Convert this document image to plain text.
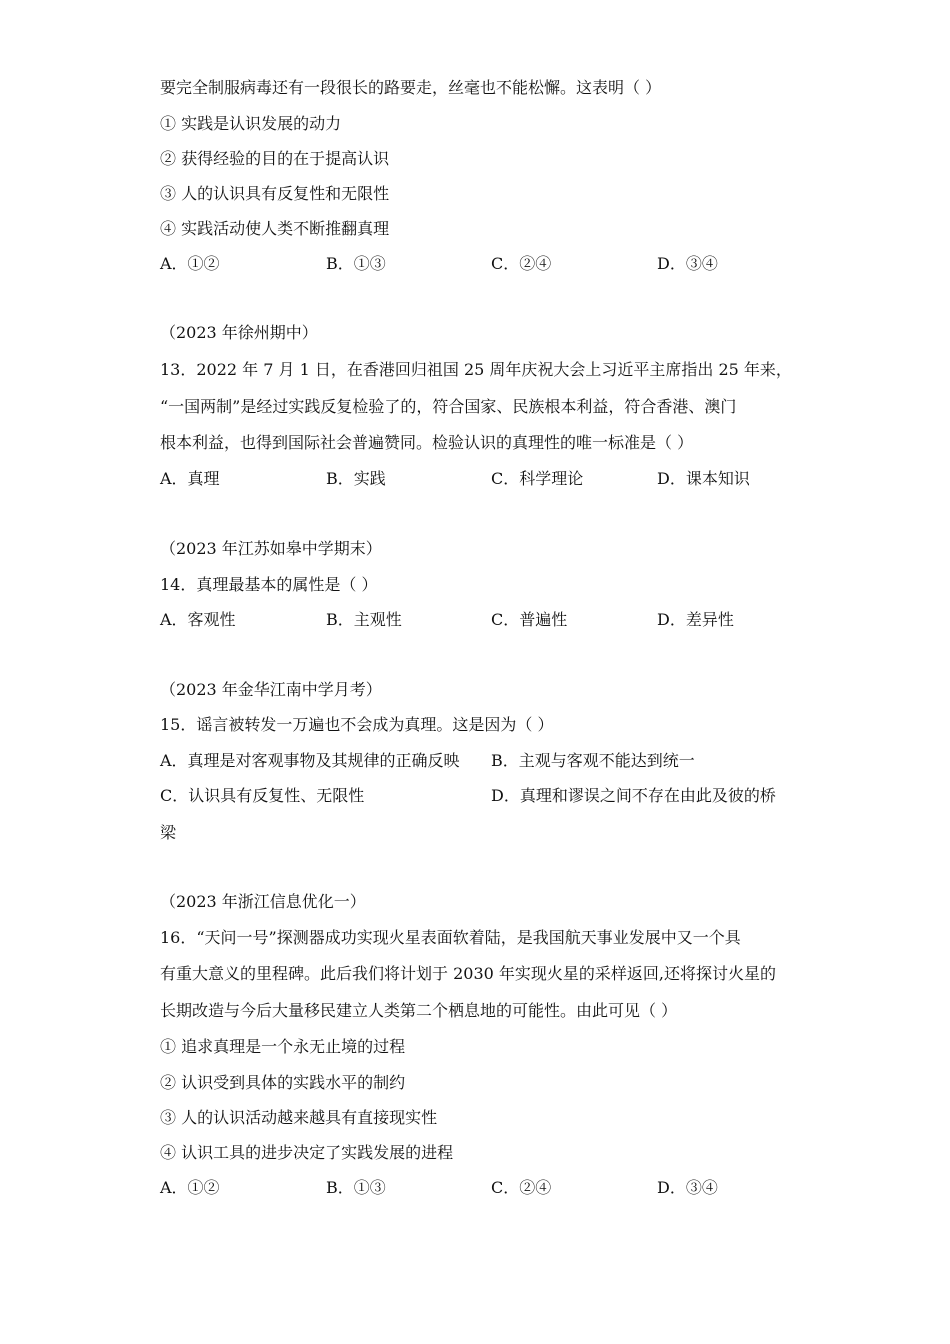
要完全制服病毒还有一段很长的路要走，丝毫也不能松懈。这表明（ ）
① 实践是认识发展的动力
② 获得经验的目的在于提高认识
③ 人的认识具有反复性和无限性
④ 实践活动使人类不断推翻真理
A．①②	B．①③	C．②④	D．③④
（2023 年徐州期中）
13．2022 年 7 月 1 日，在香港回归祖国 25 周年庆祝大会上习近平主席指出 25 年来，
“一国两制”是经过实践反复检验了的，符合国家、民族根本利益，符合香港、澳门
根本利益，也得到国际社会普遍赞同。检验认识的真理性的唯一标准是（ ）
A．真理	B．实践	C．科学理论	D．课本知识
（2023 年江苏如皋中学期末）
14．真理最基本的属性是（ ）
A．客观性	B．主观性	C．普遍性	D．差异性
（2023 年金华江南中学月考）
15．谣言被转发一万遍也不会成为真理。这是因为（ ）
A．真理是对客观事物及其规律的正确反映 B．主观与客观不能达到统一
C．认识具有反复性、无限性	D．真理和谬误之间不存在由此及彼的桥
梁
（2023 年浙江信息优化一）
16．“天问一号”探测器成功实现火星表面软着陆，是我国航天事业发展中又一个具
有重大意义的里程碑。此后我们将计划于 2030 年实现火星的采样返回,还将探讨火星的
长期改造与今后大量移民建立人类第二个栖息地的可能性。由此可见（ ）
① 追求真理是一个永无止境的过程
② 认识受到具体的实践水平的制约
③ 人的认识活动越来越具有直接现实性
④ 认识工具的进步决定了实践发展的进程
A．①②	B．①③	C．②④	D．③④
